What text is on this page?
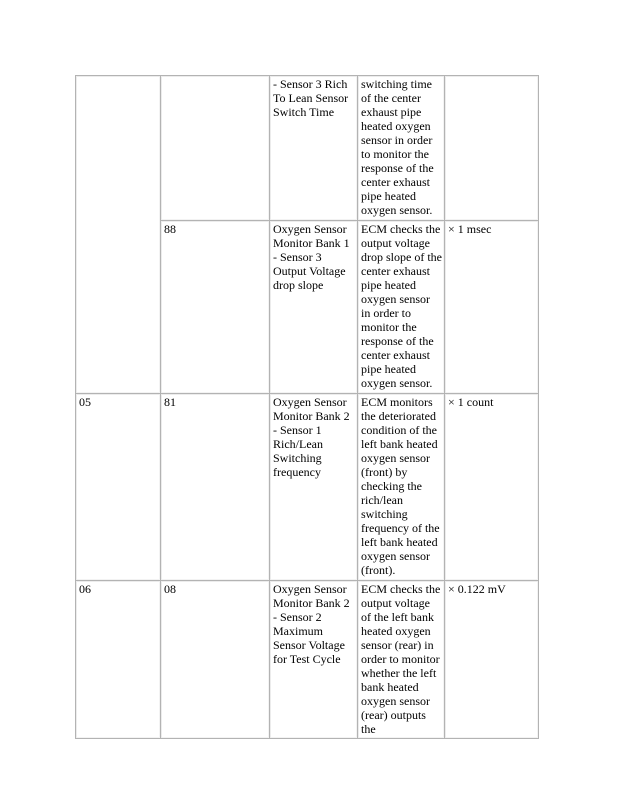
		- Sensor 3 Rich To Lean Sensor Switch Time	switching time of the center exhaust pipe heated oxygen sensor in order to monitor the response of the center exhaust pipe heated oxygen sensor.	
	88	Oxygen Sensor Monitor Bank 1 - Sensor 3 Output Voltage drop slope	ECM checks the output voltage drop slope of the center exhaust pipe heated oxygen sensor in order to monitor the response of the center exhaust pipe heated oxygen sensor.	× 1 msec
05	81	Oxygen Sensor Monitor Bank 2 - Sensor 1 Rich/Lean Switching frequency	ECM monitors the deteriorated condition of the left bank heated oxygen sensor (front) by checking the rich/lean switching frequency of the left bank heated oxygen sensor (front).	× 1 count
06	08	Oxygen Sensor Monitor Bank 2 - Sensor 2 Maximum Sensor Voltage for Test Cycle	ECM checks the output voltage of the left bank heated oxygen sensor (rear) in order to monitor whether the left bank heated oxygen sensor (rear) outputs the	× 0.122 mV
